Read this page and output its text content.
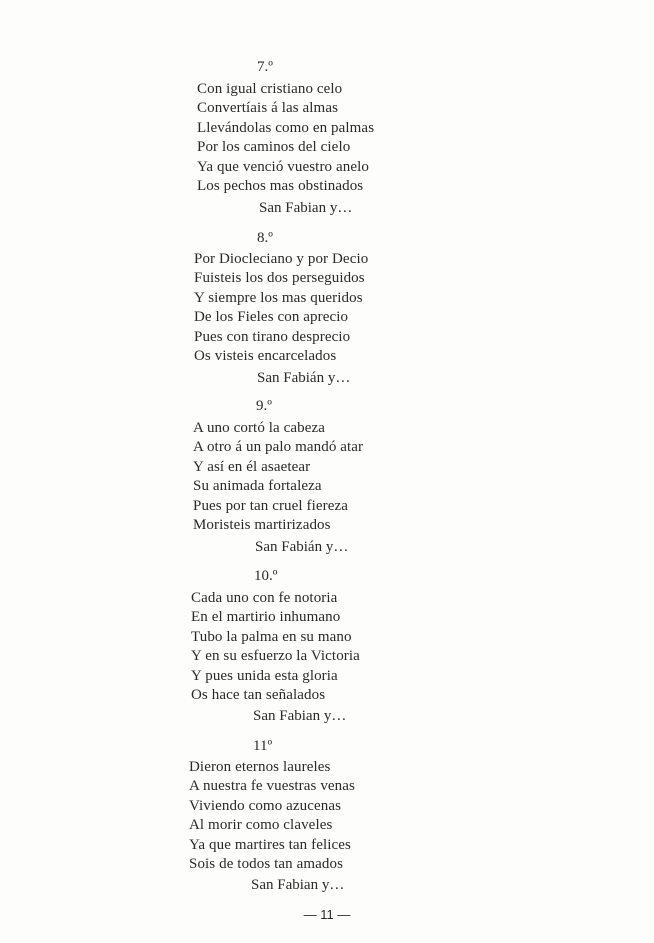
7.º
Con igual cristiano celo
Convertíais á las almas
Llevándolas como en palmas
Por los caminos del cielo
Ya que venció vuestro anelo
Los pechos mas obstinados
San Fabian y…
8.º
Por Diocleciano y por Decio
Fuisteis los dos perseguidos
Y siempre los mas queridos
De los Fieles con aprecio
Pues con tirano desprecio
Os visteis encarcelados
San Fabián y…
9.º
A uno cortó la cabeza
A otro á un palo mandó atar
Y así en él asaetear
Su animada fortaleza
Pues por tan cruel fiereza
Moristeis martirizados
San Fabián y…
10.º
Cada uno con fe notoria
En el martirio inhumano
Tubo la palma en su mano
Y en su esfuerzo la Victoria
Y pues unida esta gloria
Os hace tan señalados
San Fabian y…
11º
Dieron eternos laureles
A nuestra fe vuestras venas
Viviendo como azucenas
Al morir como claveles
Ya que martires tan felices
Sois de todos tan amados
San Fabian y…
— 11 —
